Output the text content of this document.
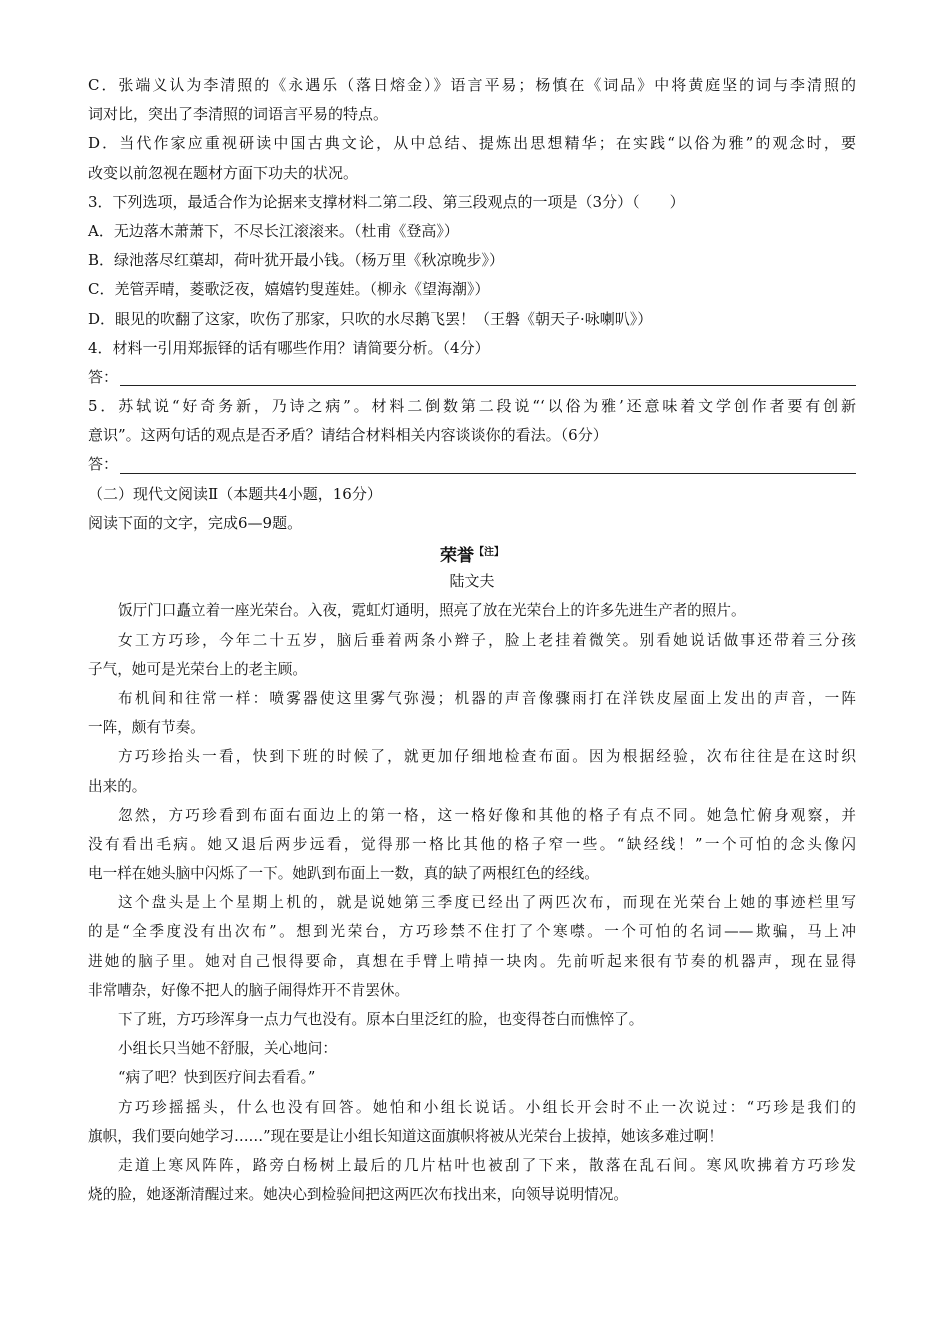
C．张端义认为李清照的《永遇乐（落日熔金）》语言平易；杨慎在《词品》中将黄庭坚的词与李清照的
词对比，突出了李清照的词语言平易的特点。
D．当代作家应重视研读中国古典文论，从中总结、提炼出思想精华；在实践“以俗为雅”的观念时，要
改变以前忽视在题材方面下功夫的状况。
3．下列选项，最适合作为论据来支撑材料二第二段、第三段观点的一项是（3分）（　　）
A．无边落木萧萧下，不尽长江滚滚来。（杜甫《登高》）
B．绿池落尽红蕖却，荷叶犹开最小钱。（杨万里《秋凉晚步》）
C．羌管弄晴，菱歌泛夜，嬉嬉钓叟莲娃。（柳永《望海潮》）
D．眼见的吹翻了这家，吹伤了那家，只吹的水尽鹅飞罢！（王磐《朝天子·咏喇叭》）
4．材料一引用郑振铎的话有哪些作用？请简要分析。（4分）
答：
5．苏轼说“好奇务新，乃诗之病”。材料二倒数第二段说“‘以俗为雅’还意味着文学创作者要有创新
意识”。这两句话的观点是否矛盾？请结合材料相关内容谈谈你的看法。（6分）
答：
（二）现代文阅读Ⅱ（本题共4小题，16分）
阅读下面的文字，完成6—9题。
荣誉$^{【注】}$
陆文夫
饭厅门口矗立着一座光荣台。入夜，霓虹灯通明，照亮了放在光荣台上的许多先进生产者的照片。
女工方巧珍，今年二十五岁，脑后垂着两条小辫子，脸上老挂着微笑。别看她说话做事还带着三分孩
子气，她可是光荣台上的老主顾。
布机间和往常一样：喷雾器使这里雾气弥漫；机器的声音像骤雨打在洋铁皮屋面上发出的声音，一阵
一阵，颇有节奏。
方巧珍抬头一看，快到下班的时候了，就更加仔细地检查布面。因为根据经验，次布往往是在这时织
出来的。
忽然，方巧珍看到布面右面边上的第一格，这一格好像和其他的格子有点不同。她急忙俯身观察，并
没有看出毛病。她又退后两步远看，觉得那一格比其他的格子窄一些。“缺经线！”一个可怕的念头像闪
电一样在她头脑中闪烁了一下。她趴到布面上一数，真的缺了两根红色的经线。
这个盘头是上个星期上机的，就是说她第三季度已经出了两匹次布，而现在光荣台上她的事迹栏里写
的是“全季度没有出次布”。想到光荣台，方巧珍禁不住打了个寒噤。一个可怕的名词——欺骗，马上冲
进她的脑子里。她对自己恨得要命，真想在手臂上啃掉一块肉。先前听起来很有节奏的机器声，现在显得
非常嘈杂，好像不把人的脑子闹得炸开不肯罢休。
下了班，方巧珍浑身一点力气也没有。原本白里泛红的脸，也变得苍白而憔悴了。
小组长只当她不舒服，关心地问：
“病了吧？快到医疗间去看看。”
方巧珍摇摇头，什么也没有回答。她怕和小组长说话。小组长开会时不止一次说过：“巧珍是我们的
旗帜，我们要向她学习……”现在要是让小组长知道这面旗帜将被从光荣台上拔掉，她该多难过啊！
走道上寒风阵阵，路旁白杨树上最后的几片枯叶也被刮了下来，散落在乱石间。寒风吹拂着方巧珍发
烧的脸，她逐渐清醒过来。她决心到检验间把这两匹次布找出来，向领导说明情况。
